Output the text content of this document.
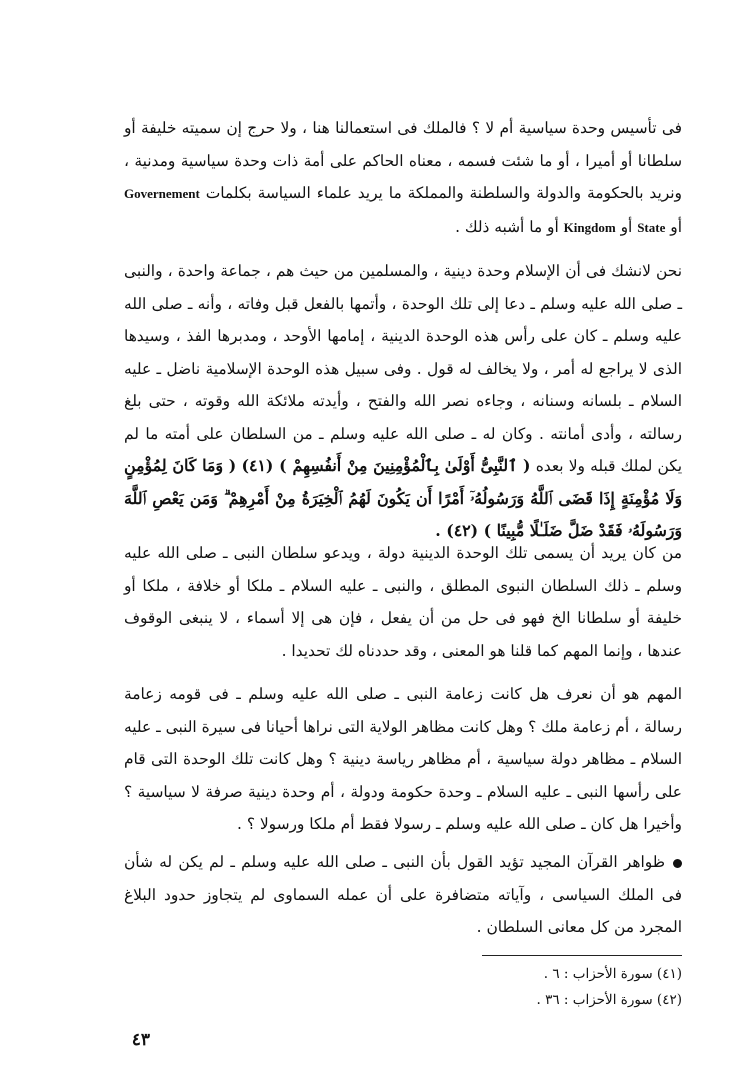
فى تأسيس وحدة سياسية أم لا ؟ فالملك فى استعمالنا هنا ، ولا حرج إن سميته خليفة أو سلطانا أو أميرا ، أو ما شئت فسمه ، معناه الحاكم على أمة ذات وحدة سياسية ومدنية ، ونريد بالحكومة والدولة والسلطنة والمملكة ما يريد علماء السياسة بكلمات Governement أو State أو Kingdom أو ما أشبه ذلك .

نحن لانشك فى أن الإسلام وحدة دينية ، والمسلمين من حيث هم ، جماعة واحدة ، والنبى ـ صلى الله عليه وسلم ـ دعا إلى تلك الوحدة ، وأتمها بالفعل قبل وفاته ، وأنه ـ صلى الله عليه وسلم ـ كان على رأس هذه الوحدة الدينية ، إمامها الأوحد ، ومدبرها الفذ ، وسيدها الذى لا يراجع له أمر ، ولا يخالف له قول . وفى سبيل هذه الوحدة الإسلامية ناضل ـ عليه السلام ـ بلسانه وسنانه ، وجاءه نصر الله والفتح ، وأيدته ملائكة الله وقوته ، حتى بلغ رسالته ، وأدى أمانته . وكان له ـ صلى الله عليه وسلم ـ من السلطان على أمته ما لم يكن لملك قبله ولا بعده ( ٱلنَّبِىُّ أَوْلَىٰ بِٱلْمُؤْمِنِينَ مِنْ أَنفُسِهِمْ ) (٤١) ( وَمَا كَانَ لِمُؤْمِنٍ وَلَا مُؤْمِنَةٍ إِذَا قَضَى ٱللَّهُ وَرَسُولُهُۥٓ أَمْرًا أَن يَكُونَ لَهُمُ ٱلْخِيَرَةُ مِنْ أَمْرِهِمْ ۗ وَمَن يَعْصِ ٱللَّهَ وَرَسُولَهُۥ فَقَدْ ضَلَّ ضَلَـٰلًا مُّبِينًا ) (٤٢) .

من كان يريد أن يسمى تلك الوحدة الدينية دولة ، ويدعو سلطان النبى ـ صلى الله عليه وسلم ـ ذلك السلطان النبوى المطلق ، والنبى ـ عليه السلام ـ ملكا أو خلافة ، ملكا أو خليفة أو سلطانا الخ فهو فى حل من أن يفعل ، فإن هى إلا أسماء ، لا ينبغى الوقوف عندها ، وإنما المهم كما قلنا هو المعنى ، وقد حددناه لك تحديدا .

المهم هو أن نعرف هل كانت زعامة النبى ـ صلى الله عليه وسلم ـ فى قومه زعامة رسالة ، أم زعامة ملك ؟ وهل كانت مظاهر الولاية التى نراها أحيانا فى سيرة النبى ـ عليه السلام ـ مظاهر دولة سياسية ، أم مظاهر رياسة دينية ؟ وهل كانت تلك الوحدة التى قام على رأسها النبى ـ عليه السلام ـ وحدة حكومة ودولة ، أم وحدة دينية صرفة لا سياسية ؟ وأخيرا هل كان ـ صلى الله عليه وسلم ـ رسولا فقط أم ملكا ورسولا ؟ .

ظواهر القرآن المجيد تؤيد القول بأن النبى ـ صلى الله عليه وسلم ـ لم يكن له شأن فى الملك السياسى ، وآياته متضافرة على أن عمله السماوى لم يتجاوز حدود البلاغ المجرد من كل معانى السلطان .

(٤١) سورة الأحزاب : ٦ .
(٤٢) سورة الأحزاب : ٣٦ .
٤٣
